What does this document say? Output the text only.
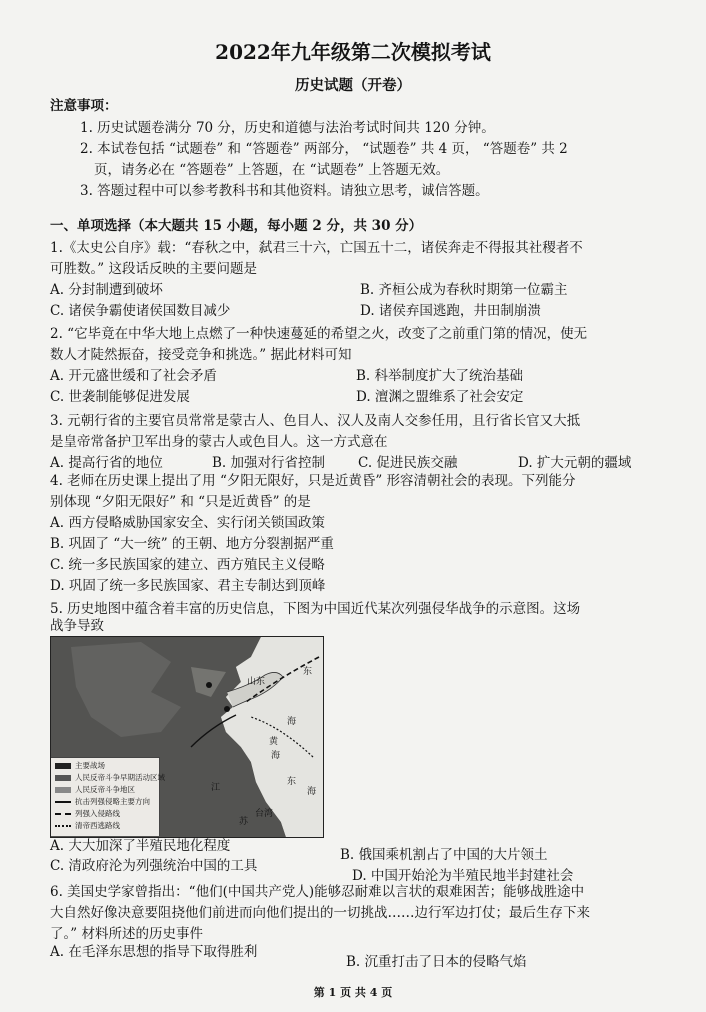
2022年九年级第二次模拟考试
历史试题（开卷）
注意事项：
1. 历史试题卷满分 70 分，历史和道德与法治考试时间共 120 分钟。
2. 本试卷包括 “试题卷” 和 “答题卷” 两部分， “试题卷” 共 4 页， “答题卷” 共 2
页，请务必在 “答题卷” 上答题，在 “试题卷” 上答题无效。
3. 答题过程中可以参考教科书和其他资料。请独立思考，诚信答题。
一、单项选择（本大题共 15 小题，每小题 2 分，共 30 分）
1.《太史公自序》载：“春秋之中，弑君三十六，亡国五十二，诸侯奔走不得报其社稷者不
可胜数。” 这段话反映的主要问题是
A. 分封制遭到破坏	B. 齐桓公成为春秋时期第一位霸主
C. 诸侯争霸使诸侯国数目减少	D. 诸侯弃国逃跑，井田制崩溃
2. “它毕竟在中华大地上点燃了一种快速蔓延的希望之火，改变了之前重门第的情况，使无
数人才陡然振奋，接受竞争和挑选。” 据此材料可知
A. 开元盛世缓和了社会矛盾	B. 科举制度扩大了统治基础
C. 世袭制能够促进发展	D. 澶渊之盟维系了社会安定
3. 元朝行省的主要官员常常是蒙古人、色目人、汉人及南人交参任用，且行省长官又大抵
是皇帝常备护卫军出身的蒙古人或色目人。这一方式意在
A. 提高行省的地位	B. 加强对行省控制 C. 促进民族交融	D. 扩大元朝的疆域
4. 老师在历史课上提出了用 “夕阳无限好，只是近黄昏” 形容清朝社会的表现。下列能分
别体现 “夕阳无限好” 和 “只是近黄昏” 的是
A. 西方侵略威胁国家安全、实行闭关锁国政策
B. 巩固了 “大一统” 的王朝、地方分裂割据严重
C. 统一多民族国家的建立、西方殖民主义侵略
D. 巩固了统一多民族国家、君主专制达到顶峰
5. 历史地图中蕴含着丰富的历史信息，下图为中国近代某次列强侵华战争的示意图。这场
战争导致
山东
东
海
黄
海
东
海
台湾
江
苏
主要战场
人民反帝斗争早期活动区域
人民反帝斗争地区
抗击列强侵略主要方向
列强入侵路线
清帝西逃路线
A. 大大加深了半殖民地化程度
B. 俄国乘机割占了中国的大片领土
C. 清政府沦为列强统治中国的工具
D. 中国开始沦为半殖民地半封建社会
6. 美国史学家曾指出：“他们(中国共产党人)能够忍耐难以言状的艰难困苦；能够战胜途中
大自然好像决意要阻挠他们前进而向他们提出的一切挑战……边行军边打仗；最后生存下来
了。” 材料所述的历史事件
A. 在毛泽东思想的指导下取得胜利
B. 沉重打击了日本的侵略气焰
第 1 页 共 4 页
